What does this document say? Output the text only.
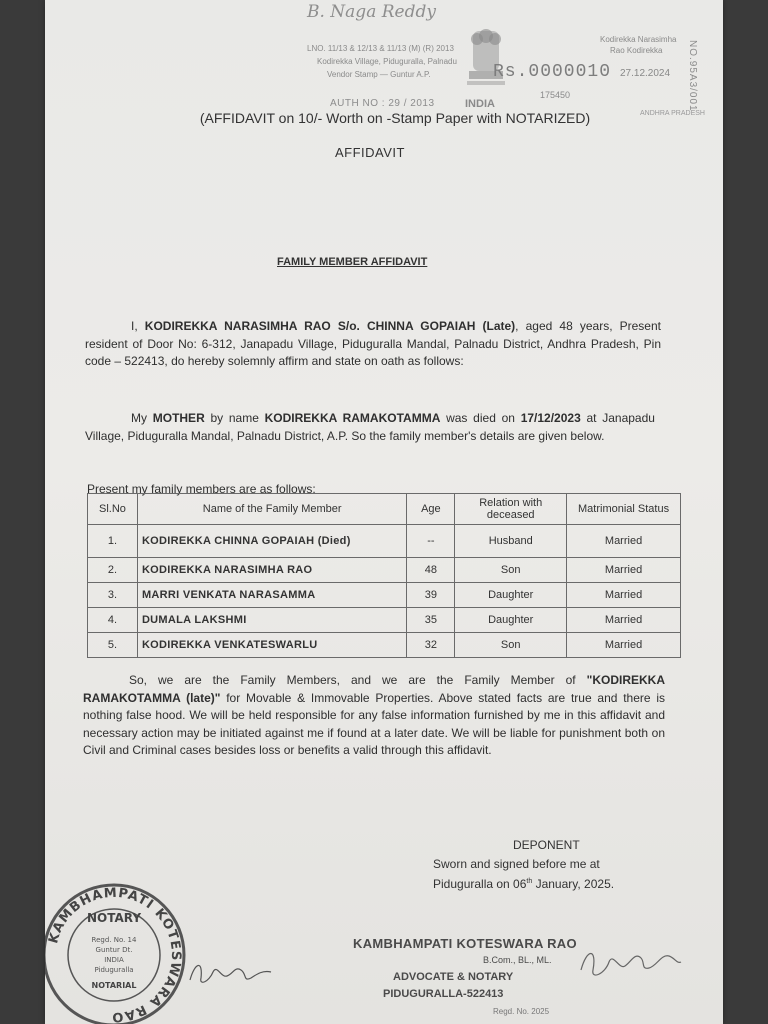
B. Naga Reddy
LNO. 11/13 & 12/13 & 11/13 (M) (R) 2013
Kodirekka Village, Piduguralla, Palnadu
Vendor Stamp — Guntur A.P.
Kodirekka Narasimha
Rao Kodirekka
Rs.0000010 27.12.2024
175450
AUTH NO : 29 / 2013	INDIA	NO.95A3/001
ANDHRA PRADESH
(AFFIDAVIT on 10/- Worth on -Stamp Paper with NOTARIZED)
AFFIDAVIT
FAMILY MEMBER AFFIDAVIT
I, KODIREKKA NARASIMHA RAO S/o. CHINNA GOPAIAH (Late), aged 48 years, Present resident of Door No: 6-312, Janapadu Village, Piduguralla Mandal, Palnadu District, Andhra Pradesh, Pin code – 522413, do hereby solemnly affirm and state on oath as follows:
My MOTHER by name KODIREKKA RAMAKOTAMMA was died on 17/12/2023 at Janapadu Village, Piduguralla Mandal, Palnadu District, A.P. So the family member's details are given below.
Present my family members are as follows:
Sl.No	Name of the Family Member	Age	Relation with deceased	Matrimonial Status
1.	KODIREKKA CHINNA GOPAIAH (Died)	--	Husband	Married
2.	KODIREKKA NARASIMHA RAO	48	Son	Married
3.	MARRI VENKATA NARASAMMA	39	Daughter	Married
4.	DUMALA LAKSHMI	35	Daughter	Married
5.	KODIREKKA VENKATESWARLU	32	Son	Married
So, we are the Family Members, and we are the Family Member of "KODIREKKA RAMAKOTAMMA (late)" for Movable & Immovable Properties. Above stated facts are true and there is nothing false hood. We will be held responsible for any false information furnished by me in this affidavit and necessary action may be initiated against me if found at a later date. We will be liable for punishment both on Civil and Criminal cases besides loss or benefits a valid through this affidavit.
DEPONENT
Sworn and signed before me at
Piduguralla on 06th January, 2025.
KAMBHAMPATI KOTESWARA RAO
NOTARY
Regd. No. 14
Guntur Dt.
INDIA
Piduguralla
NOTARIAL
KAMBHAMPATI KOTESWARA RAO
B.Com., BL., ML.
ADVOCATE & NOTARY
PIDUGURALLA-522413
Regd. No. 2025
